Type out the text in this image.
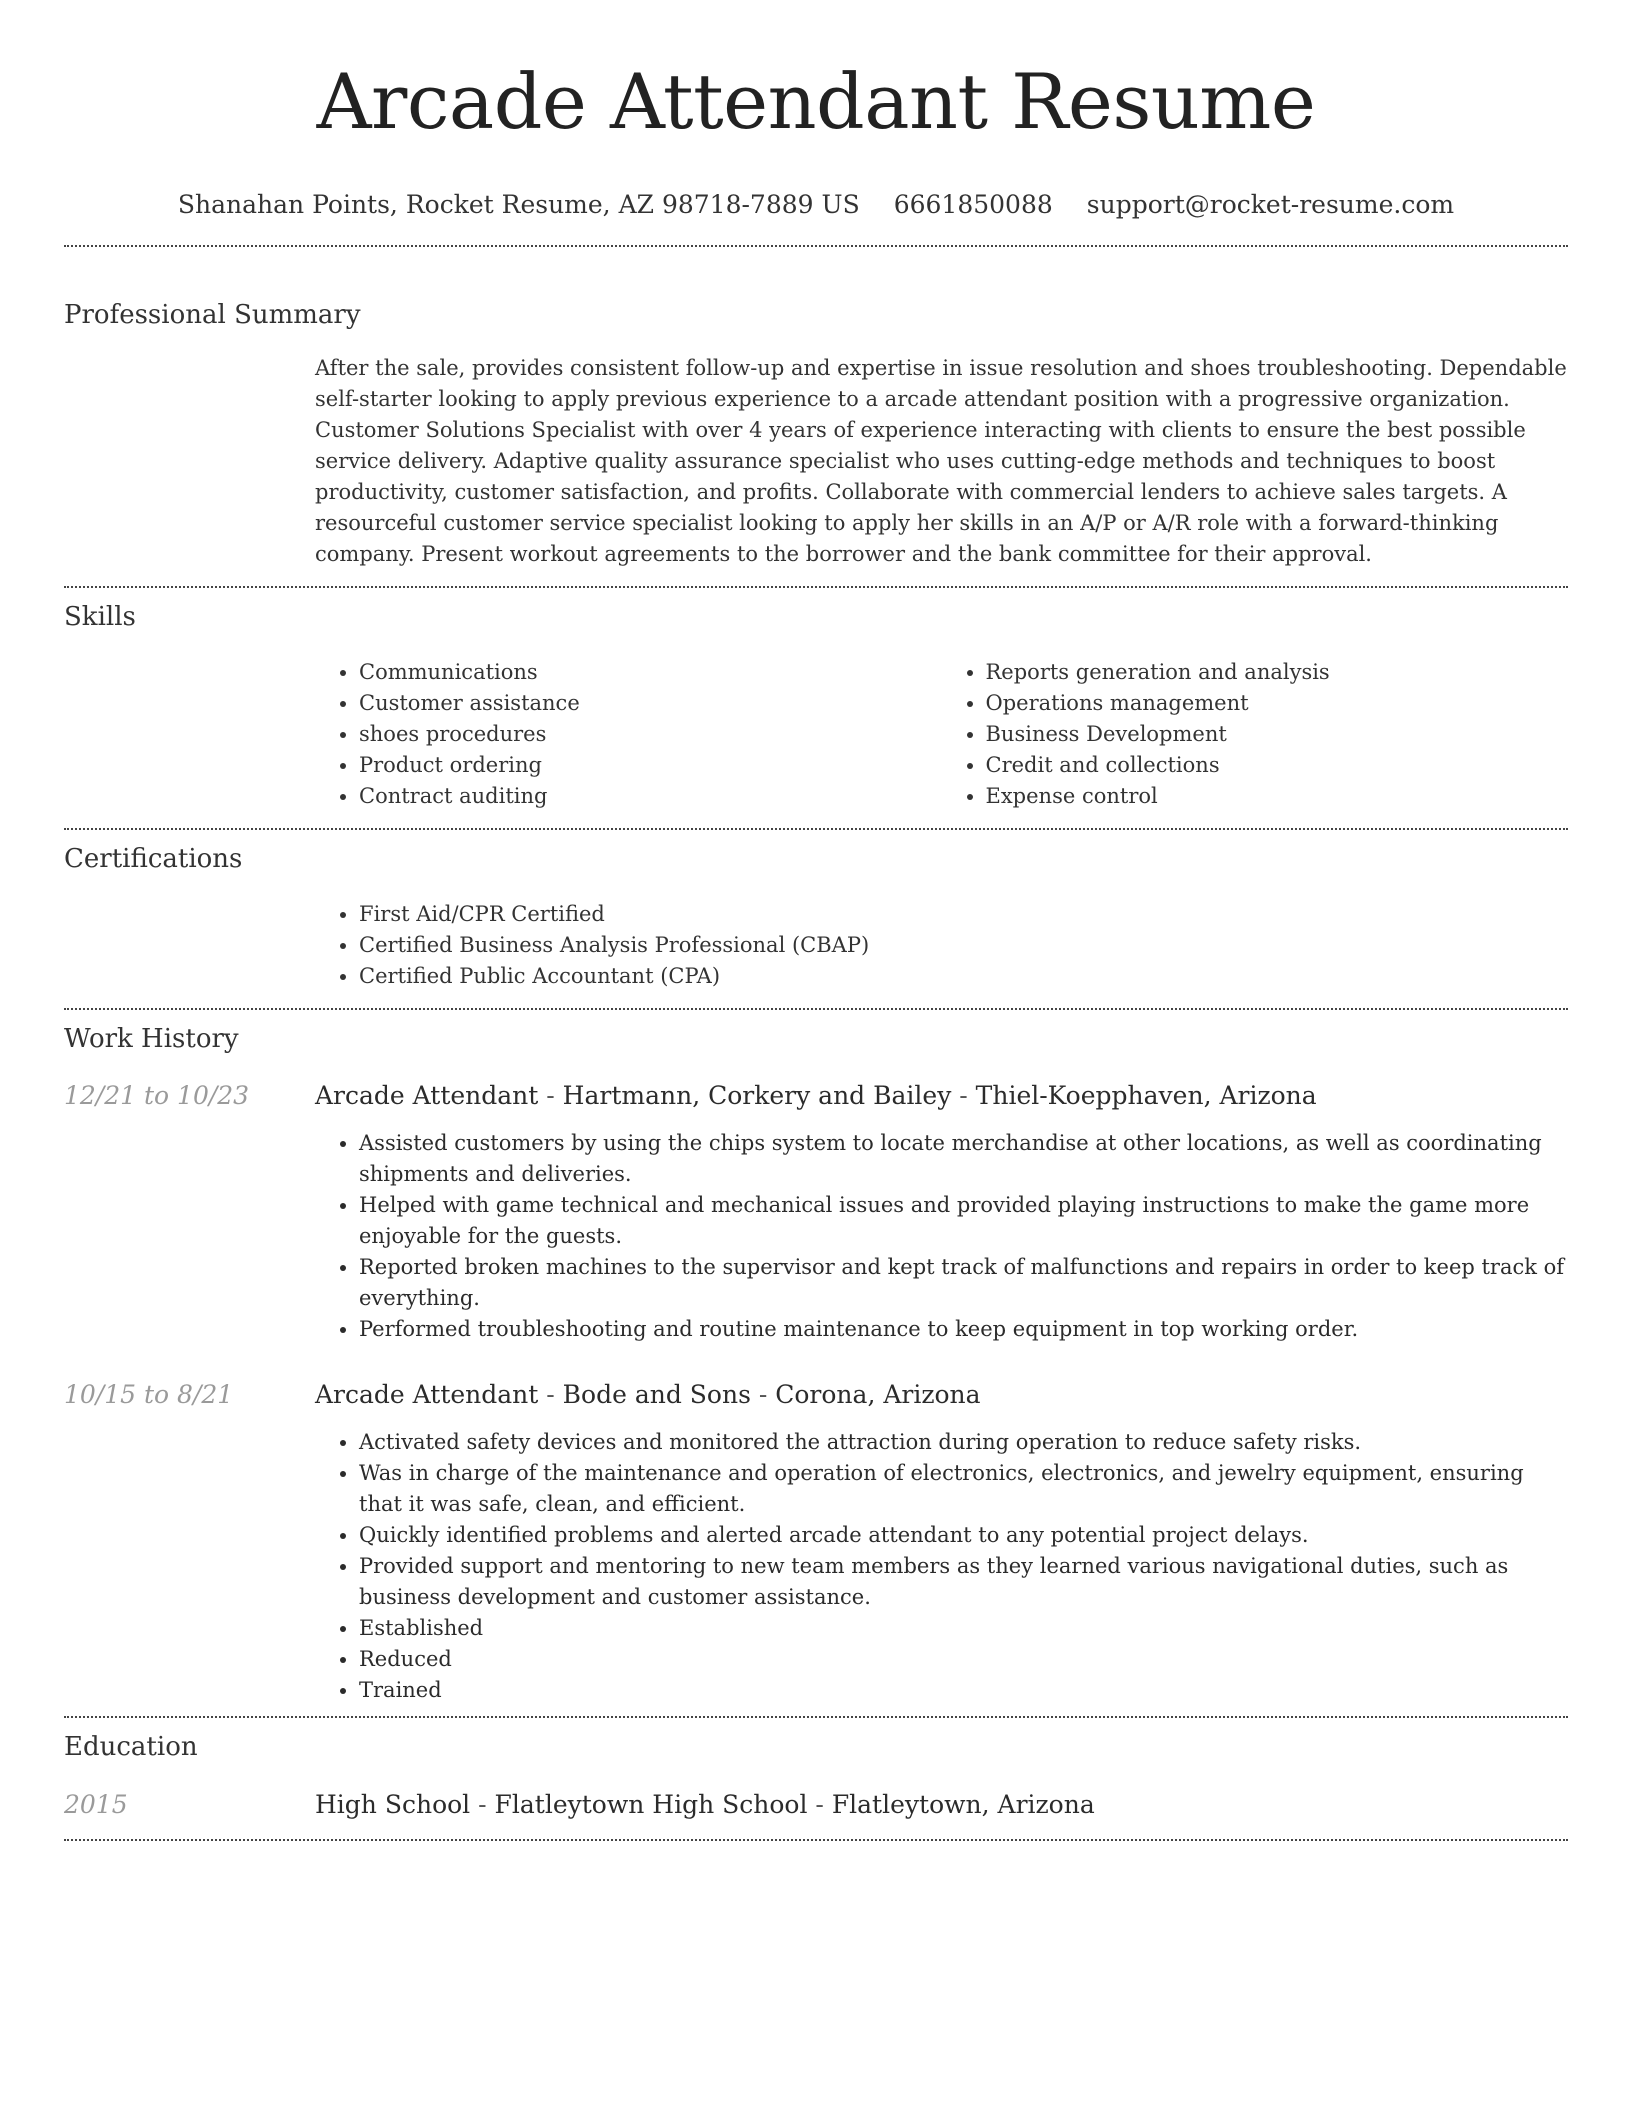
Arcade Attendant Resume
Shanahan Points, Rocket Resume, AZ 98718-7889 US 6661850088 support@rocket-resume.com
Professional Summary
After the sale, provides consistent follow-up and expertise in issue resolution and shoes troubleshooting. Dependable self-starter looking to apply previous experience to a arcade attendant position with a progressive organization. Customer Solutions Specialist with over 4 years of experience interacting with clients to ensure the best possible service delivery. Adaptive quality assurance specialist who uses cutting-edge methods and techniques to boost productivity, customer satisfaction, and profits. Collaborate with commercial lenders to achieve sales targets. A resourceful customer service specialist looking to apply her skills in an A/P or A/R role with a forward-thinking company. Present workout agreements to the borrower and the bank committee for their approval.
Skills
• Communications
• Customer assistance
• shoes procedures
• Product ordering
• Contract auditing
• Reports generation and analysis
• Operations management
• Business Development
• Credit and collections
• Expense control
Certifications
• First Aid/CPR Certified
• Certified Business Analysis Professional (CBAP)
• Certified Public Accountant (CPA)
Work History
12/21 to 10/23	Arcade Attendant - Hartmann, Corkery and Bailey - Thiel-Koepphaven, Arizona
• Assisted customers by using the chips system to locate merchandise at other locations, as well as coordinating shipments and deliveries.
• Helped with game technical and mechanical issues and provided playing instructions to make the game more enjoyable for the guests.
• Reported broken machines to the supervisor and kept track of malfunctions and repairs in order to keep track of everything.
• Performed troubleshooting and routine maintenance to keep equipment in top working order.
10/15 to 8/21	Arcade Attendant - Bode and Sons - Corona, Arizona
• Activated safety devices and monitored the attraction during operation to reduce safety risks.
• Was in charge of the maintenance and operation of electronics, electronics, and jewelry equipment, ensuring that it was safe, clean, and efficient.
• Quickly identified problems and alerted arcade attendant to any potential project delays.
• Provided support and mentoring to new team members as they learned various navigational duties, such as business development and customer assistance.
• Established
• Reduced
• Trained
Education
2015	High School - Flatleytown High School - Flatleytown, Arizona
